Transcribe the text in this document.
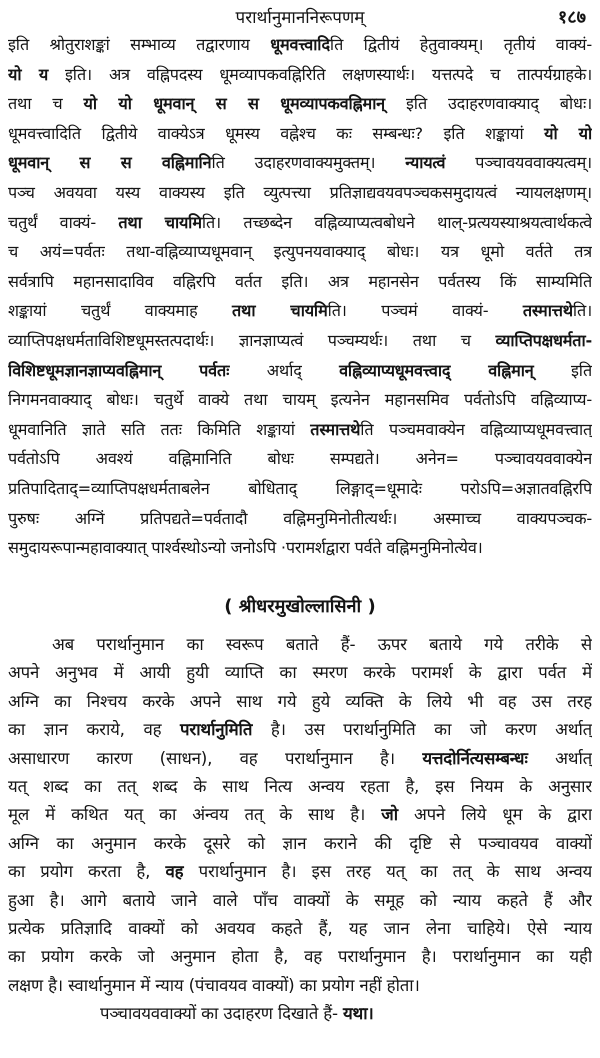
परार्थानुमाननिरूपणम्	१८७
इति श्रोतुराशङ्कां सम्भाव्य तद्वारणाय धूमवत्त्वादिति द्वितीयं हेतुवाक्यम्। तृतीयं वाक्यं-
यो य इति। अत्र वह्निपदस्य धूमव्यापकवह्निरिति लक्षणस्यार्थः। यत्तत्पदे च तात्पर्यग्राहके।
तथा च यो यो धूमवान् स स धूमव्यापकवह्निमान् इति उदाहरणवाक्याद् बोधः।
धूमवत्त्वादिति द्वितीये वाक्येऽत्र धूमस्य वह्नेश्च कः सम्बन्धः? इति शङ्कायां यो यो
धूमवान् स स वह्निमानिति उदाहरणवाक्यमुक्तम्। न्यायत्वं पञ्चावयववाक्यत्वम्।
पञ्च अवयवा यस्य वाक्यस्य इति व्युत्पत्त्या प्रतिज्ञाद्यवयवपञ्चकसमुदायत्वं न्यायलक्षणम्।
चतुर्थं वाक्यं- तथा चायमिति। तच्छब्देन वह्निव्याप्यत्वबोधने थाल्-प्रत्ययस्याश्रयत्वार्थकत्वे
च अयं=पर्वतः तथा-वह्निव्याप्यधूमवान् इत्युपनयवाक्याद् बोधः। यत्र धूमो वर्तते तत्र
सर्वत्रापि महानसादाविव वह्निरपि वर्तत इति। अत्र महानसेन पर्वतस्य किं साम्यमिति
शङ्कायां चतुर्थं वाक्यमाह तथा चायमिति। पञ्चमं वाक्यं- तस्मात्तथेति।
व्याप्तिपक्षधर्मताविशिष्टधूमस्तत्पदार्थः। ज्ञानज्ञाप्यत्वं पञ्चम्यर्थः। तथा च व्याप्तिपक्षधर्मता-
विशिष्टधूमज्ञानज्ञाप्यवह्निमान् पर्वतः अर्थाद् वह्निव्याप्यधूमवत्त्वाद् वह्निमान् इति
निगमनवाक्याद् बोधः। चतुर्थे वाक्ये तथा चायम् इत्यनेन महानसमिव पर्वतोऽपि वह्निव्याप्य-
धूमवानिति ज्ञाते सति ततः किमिति शङ्कायां तस्मात्तथेति पञ्चमवाक्येन वह्निव्याप्यधूमवत्त्वात्
पर्वतोऽपि अवश्यं वह्निमानिति बोधः सम्पद्यते। अनेन= पञ्चावयववाक्येन
प्रतिपादिताद्=व्याप्तिपक्षधर्मताबलेन बोधिताद् लिङ्गाद्=धूमादेः परोऽपि=अज्ञातवह्निरपि
पुरुषः अग्निं प्रतिपद्यते=पर्वतादौ वह्निमनुमिनोतीत्यर्थः। अस्माच्च वाक्यपञ्चक-
समुदायरूपान्महावाक्यात् पार्श्वस्थोऽन्यो जनोऽपि ·परामर्शद्वारा पर्वते वह्निमनुमिनोत्येव।
( श्रीधरमुखोल्लासिनी )
अब परार्थानुमान का स्वरूप बताते हैं- ऊपर बताये गये तरीके से
अपने अनुभव में आयी हुयी व्याप्ति का स्मरण करके परामर्श के द्वारा पर्वत में
अग्नि का निश्चय करके अपने साथ गये हुये व्यक्ति के लिये भी वह उस तरह
का ज्ञान कराये, वह परार्थानुमिति है। उस परार्थानुमिति का जो करण अर्थात्
असाधारण कारण (साधन), वह परार्थानुमान है। यत्तदोर्नित्यसम्बन्धः अर्थात्
यत् शब्द का तत् शब्द के साथ नित्य अन्वय रहता है, इस नियम के अनुसार
मूल में कथित यत् का अंन्वय तत् के साथ है। जो अपने लिये धूम के द्वारा
अग्नि का अनुमान करके दूसरे को ज्ञान कराने की दृष्टि से पञ्चावयव वाक्यों
का प्रयोग करता है, वह परार्थानुमान है। इस तरह यत् का तत् के साथ अन्वय
हुआ है। आगे बताये जाने वाले पाँच वाक्यों के समूह को न्याय कहते हैं और
प्रत्येक प्रतिज्ञादि वाक्यों को अवयव कहते हैं, यह जान लेना चाहिये। ऐसे न्याय
का प्रयोग करके जो अनुमान होता है, वह परार्थानुमान है। परार्थानुमान का यही
लक्षण है। स्वार्थानुमान में न्याय (पंचावयव वाक्यों) का प्रयोग नहीं होता।
पञ्चावयववाक्यों का उदाहरण दिखाते हैं- यथा।
